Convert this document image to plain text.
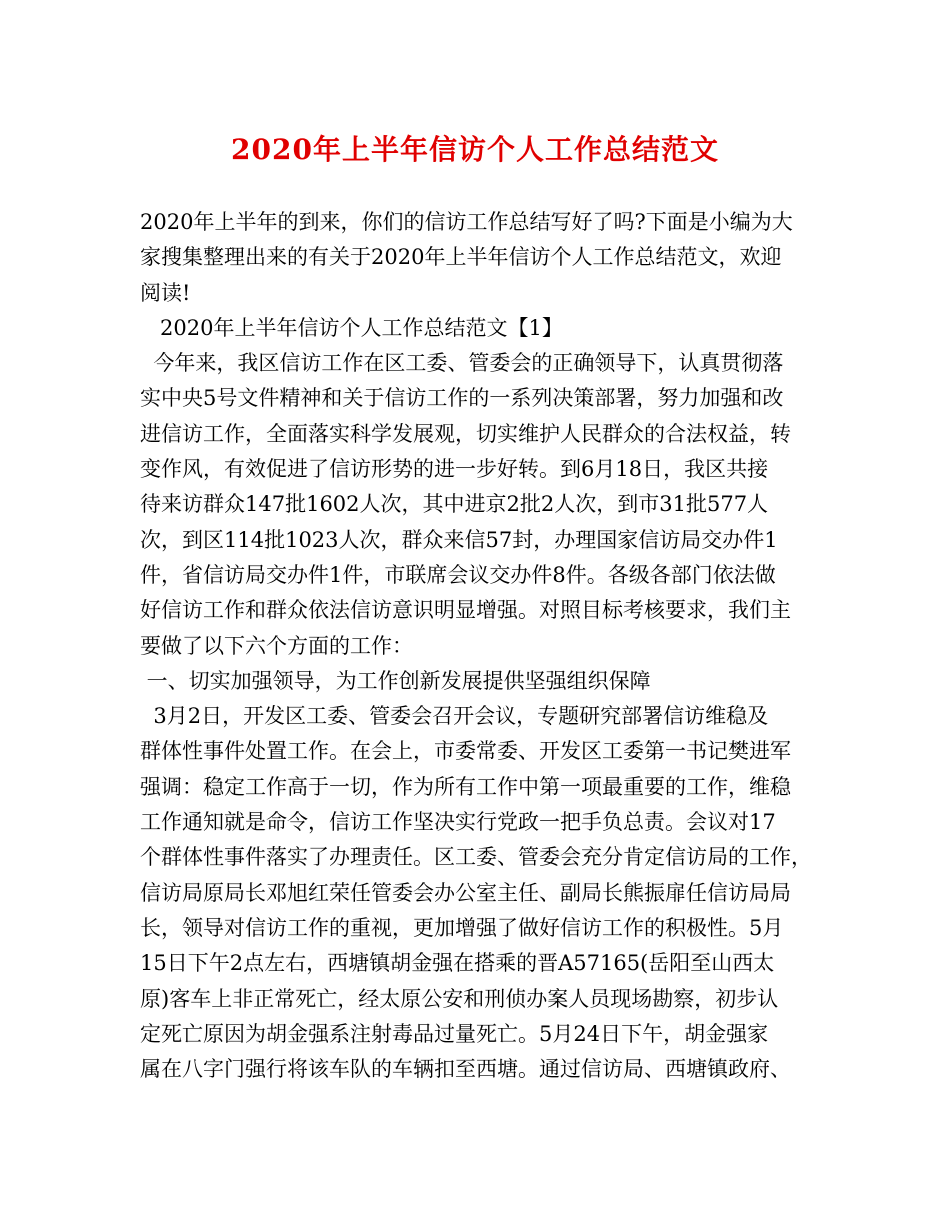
2020年上半年信访个人工作总结范文
2020年上半年的到来，你们的信访工作总结写好了吗?下面是小编为大
家搜集整理出来的有关于2020年上半年信访个人工作总结范文，欢迎
阅读!
2020年上半年信访个人工作总结范文【1】
今年来，我区信访工作在区工委、管委会的正确领导下，认真贯彻落
实中央5号文件精神和关于信访工作的一系列决策部署，努力加强和改
进信访工作，全面落实科学发展观，切实维护人民群众的合法权益，转
变作风，有效促进了信访形势的进一步好转。到6月18日，我区共接
待来访群众147批1602人次，其中进京2批2人次，到市31批577人
次，到区114批1023人次，群众来信57封，办理国家信访局交办件1
件，省信访局交办件1件，市联席会议交办件8件。各级各部门依法做
好信访工作和群众依法信访意识明显增强。对照目标考核要求，我们主
要做了以下六个方面的工作：
一、切实加强领导，为工作创新发展提供坚强组织保障
3月2日，开发区工委、管委会召开会议，专题研究部署信访维稳及
群体性事件处置工作。在会上，市委常委、开发区工委第一书记樊进军
强调：稳定工作高于一切，作为所有工作中第一项最重要的工作，维稳
工作通知就是命令，信访工作坚决实行党政一把手负总责。会议对17
个群体性事件落实了办理责任。区工委、管委会充分肯定信访局的工作，
信访局原局长邓旭红荣任管委会办公室主任、副局长熊振扉任信访局局
长，领导对信访工作的重视，更加增强了做好信访工作的积极性。5月
15日下午2点左右，西塘镇胡金强在搭乘的晋A57165(岳阳至山西太
原)客车上非正常死亡，经太原公安和刑侦办案人员现场勘察，初步认
定死亡原因为胡金强系注射毒品过量死亡。5月24日下午，胡金强家
属在八字门强行将该车队的车辆扣至西塘。通过信访局、西塘镇政府、
